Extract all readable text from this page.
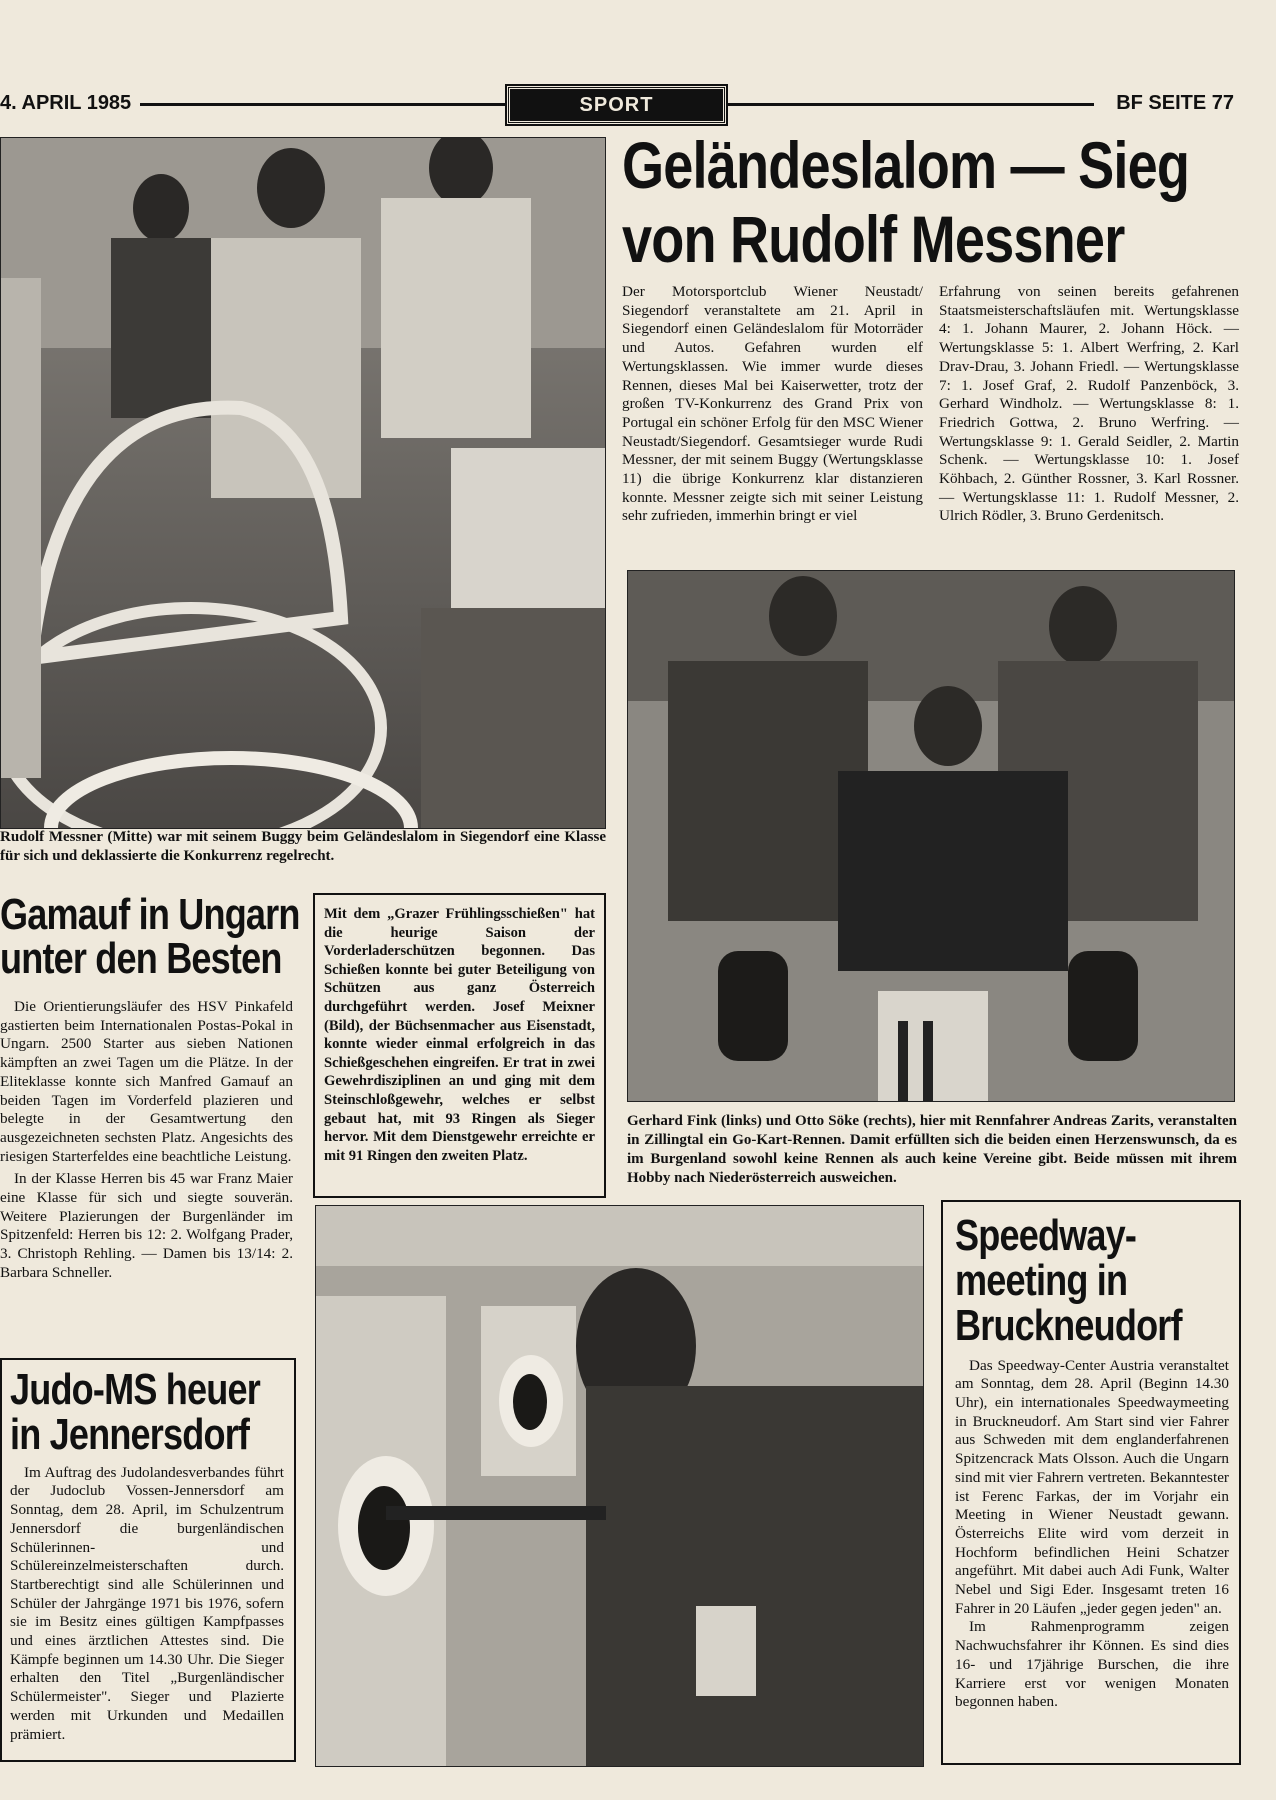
4. APRIL 1985	SPORT	BF SEITE 77
Rudolf Messner (Mitte) war mit seinem Buggy beim Geländeslalom in Siegendorf eine Klasse für sich und deklassierte die Konkurrenz regelrecht.
Geländeslalom — Sieg
von Rudolf Messner
Der Motorsportclub Wiener Neustadt/ Siegendorf veranstaltete am 21. April in Siegendorf einen Geländeslalom für Motorräder und Autos. Gefahren wurden elf Wertungsklassen. Wie immer wurde dieses Rennen, dieses Mal bei Kaiserwetter, trotz der großen TV-Konkurrenz des Grand Prix von Portugal ein schöner Erfolg für den MSC Wiener Neustadt/Siegendorf. Gesamtsieger wurde Rudi Messner, der mit seinem Buggy (Wertungsklasse 11) die übrige Konkurrenz klar distanzieren konnte. Messner zeigte sich mit seiner Leistung sehr zufrieden, immerhin bringt er viel
Erfahrung von seinen bereits gefahrenen Staatsmeisterschaftsläufen mit. Wertungsklasse 4: 1. Johann Maurer, 2. Johann Höck. — Wertungsklasse 5: 1. Albert Werfring, 2. Karl Drav-Drau, 3. Johann Friedl. — Wertungsklasse 7: 1. Josef Graf, 2. Rudolf Panzenböck, 3. Gerhard Windholz. — Wertungsklasse 8: 1. Friedrich Gottwa, 2. Bruno Werfring. — Wertungsklasse 9: 1. Gerald Seidler, 2. Martin Schenk. — Wertungsklasse 10: 1. Josef Köhbach, 2. Günther Rossner, 3. Karl Rossner. — Wertungsklasse 11: 1. Rudolf Messner, 2. Ulrich Rödler, 3. Bruno Gerdenitsch.
Gerhard Fink (links) und Otto Söke (rechts), hier mit Rennfahrer Andreas Zarits, veranstalten in Zillingtal ein Go-Kart-Rennen. Damit erfüllten sich die beiden einen Herzenswunsch, da es im Burgenland sowohl keine Rennen als auch keine Vereine gibt. Beide müssen mit ihrem Hobby nach Niederösterreich ausweichen.
Gamauf in Ungarn
unter den Besten

Die Orientierungsläufer des HSV Pinkafeld gastierten beim Internationalen Postas-Pokal in Ungarn. 2500 Starter aus sieben Nationen kämpften an zwei Tagen um die Plätze. In der Eliteklasse konnte sich Manfred Gamauf an beiden Tagen im Vorderfeld plazieren und belegte in der Gesamtwertung den ausgezeichneten sechsten Platz. Angesichts des riesigen Starterfeldes eine beachtliche Leistung.

In der Klasse Herren bis 45 war Franz Maier eine Klasse für sich und siegte souverän. Weitere Plazierungen der Burgenländer im Spitzenfeld: Herren bis 12: 2. Wolfgang Prader, 3. Christoph Rehling. — Damen bis 13/14: 2. Barbara Schneller.

Mit dem „Grazer Frühlingsschießen" hat die heurige Saison der Vorderladerschützen begonnen. Das Schießen konnte bei guter Beteiligung von Schützen aus ganz Österreich durchgeführt werden. Josef Meixner (Bild), der Büchsenmacher aus Eisenstadt, konnte wieder einmal erfolgreich in das Schießgeschehen eingreifen. Er trat in zwei Gewehrdisziplinen an und ging mit dem Steinschloßgewehr, welches er selbst gebaut hat, mit 93 Ringen als Sieger hervor. Mit dem Dienstgewehr erreichte er mit 91 Ringen den zweiten Platz.
Judo-MS heuer
in Jennersdorf
Im Auftrag des Judolandesverbandes führt der Judoclub Vossen-Jennersdorf am Sonntag, dem 28. April, im Schulzentrum Jennersdorf die burgenländischen Schülerinnen- und Schülereinzelmeisterschaften durch. Startberechtigt sind alle Schülerinnen und Schüler der Jahrgänge 1971 bis 1976, sofern sie im Besitz eines gültigen Kampfpasses und eines ärztlichen Attestes sind. Die Kämpfe beginnen um 14.30 Uhr. Die Sieger erhalten den Titel „Burgenländischer Schülermeister". Sieger und Plazierte werden mit Urkunden und Medaillen prämiert.
Speedway-
meeting in
Bruckneudorf

Das Speedway-Center Austria veranstaltet am Sonntag, dem 28. April (Beginn 14.30 Uhr), ein internationales Speedwaymeeting in Bruckneudorf. Am Start sind vier Fahrer aus Schweden mit dem englanderfahrenen Spitzencrack Mats Olsson. Auch die Ungarn sind mit vier Fahrern vertreten. Bekanntester ist Ferenc Farkas, der im Vorjahr ein Meeting in Wiener Neustadt gewann. Österreichs Elite wird vom derzeit in Hochform befindlichen Heini Schatzer angeführt. Mit dabei auch Adi Funk, Walter Nebel und Sigi Eder. Insgesamt treten 16 Fahrer in 20 Läufen „jeder gegen jeden" an.

Im Rahmenprogramm zeigen Nachwuchsfahrer ihr Können. Es sind dies 16- und 17jährige Burschen, die ihre Karriere erst vor wenigen Monaten begonnen haben.
